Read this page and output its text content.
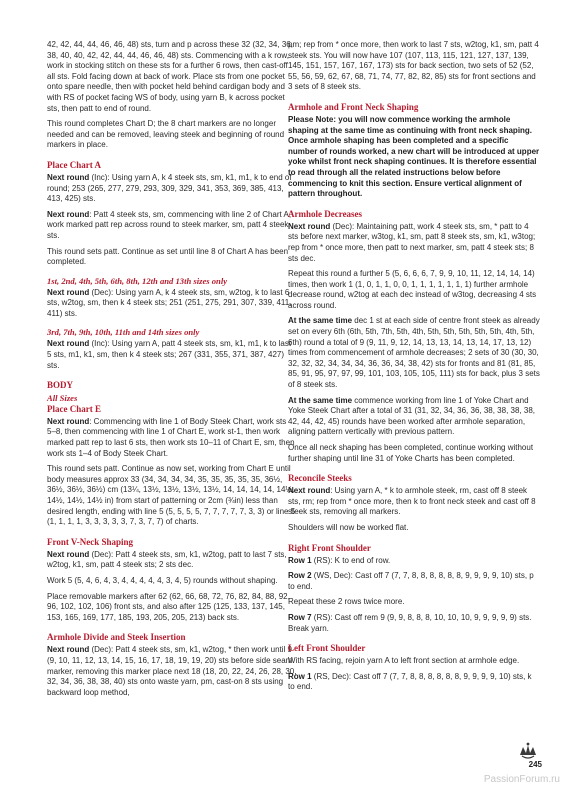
42, 42, 44, 44, 46, 46, 48) sts, turn and p across these 32 (32, 34, 36, 38, 40, 40, 42, 42, 44, 44, 46, 46, 48) sts. Commencing with a k row, work in stocking stitch on these sts for a further 6 rows, then cast-off all sts. Fold facing down at back of work. Place sts from one pocket onto spare needle, then with pocket held behind cardigan body and with RS of pocket facing WS of body, using yarn B, k across pocket sts, then patt to end of round.

This round completes Chart D; the 8 chart markers are no longer needed and can be removed, leaving steek and beginning of round markers in place.

Place Chart A

Next round (Inc): Using yarn A, k 4 steek sts, sm, k1, m1, k to end of round; 253 (265, 277, 279, 293, 309, 329, 341, 353, 369, 385, 413, 413, 425) sts.

Next round: Patt 4 steek sts, sm, commencing with line 2 of Chart A, work marked patt rep across round to steek marker, sm, patt 4 steek sts.

This round sets patt. Continue as set until line 8 of Chart A has been completed.

1st, 2nd, 4th, 5th, 6th, 8th, 12th and 13th sizes only

Next round (Dec): Using yarn A, k 4 steek sts, sm, w2tog, k to last 6 sts, w2tog, sm, then k 4 steek sts; 251 (251, 275, 291, 307, 339, 411, 411) sts.

3rd, 7th, 9th, 10th, 11th and 14th sizes only

Next round (Inc): Using yarn A, patt 4 steek sts, sm, k1, m1, k to last 5 sts, m1, k1, sm, then k 4 steek sts; 267 (331, 355, 371, 387, 427) sts.

BODY
All Sizes
Place Chart E

Next round: Commencing with line 1 of Body Steek Chart, work sts 5–8, then commencing with line 1 of Chart E, work st-1, then work marked patt rep to last 6 sts, then work sts 10–11 of Chart E, sm, then work sts 1–4 of Body Steek Chart.

This round sets patt. Continue as now set, working from Chart E until body measures approx 33 (34, 34, 34, 34, 35, 35, 35, 35, 35, 36½, 36½, 36½, 36½) cm (13¼, 13½, 13½, 13½, 13½, 14, 14, 14, 14, 14½, 14½, 14½, 14½ in) from start of patterning or 2cm (¾in) less than desired length, ending with line 5 (5, 5, 5, 5, 7, 7, 7, 7, 7, 3, 3) or line 5 (1, 1, 1, 1, 3, 3, 3, 3, 3, 7, 3, 7, 7) of charts.

Front V-Neck Shaping

Next round (Dec): Patt 4 steek sts, sm, k1, w2tog, patt to last 7 sts, w2tog, k1, sm, patt 4 steek sts; 2 sts dec.

Work 5 (5, 4, 6, 4, 3, 4, 4, 4, 4, 4, 3, 4, 5) rounds without shaping.

Place removable markers after 62 (62, 66, 68, 72, 76, 82, 84, 88, 92, 96, 102, 102, 106) front sts, and also after 125 (125, 133, 137, 145, 153, 165, 169, 177, 185, 193, 205, 205, 213) back sts.

Armhole Divide and Steek Insertion

Next round (Dec): Patt 4 steek sts, sm, k1, w2tog, * then work until 9 (9, 10, 11, 12, 13, 14, 15, 16, 17, 18, 19, 19, 20) sts before side seam marker, removing this marker place next 18 (18, 20, 22, 24, 26, 28, 30, 32, 34, 36, 38, 38, 40) sts onto waste yarn, pm, cast-on 8 sts using backward loop method,

pm; rep from * once more, then work to last 7 sts, w2tog, k1, sm, patt 4 steek sts. You will now have 107 (107, 113, 115, 121, 127, 137, 139, 145, 151, 157, 167, 167, 173) sts for back section, two sets of 52 (52, 55, 56, 59, 62, 67, 68, 71, 74, 77, 82, 82, 85) sts for front sections and 3 sets of 8 steek sts.

Armhole and Front Neck Shaping

Please Note: you will now commence working the armhole shaping at the same time as continuing with front neck shaping. Once armhole shaping has been completed and a specific number of rounds worked, a new chart will be introduced at upper yoke whilst front neck shaping continues. It is therefore essential to read through all the related instructions below before commencing to knit this section. Ensure vertical alignment of pattern throughout.

Armhole Decreases

Next round (Dec): Maintaining patt, work 4 steek sts, sm, * patt to 4 sts before next marker, w3tog, k1, sm, patt 8 steek sts, sm, k1, w3tog; rep from * once more, then patt to next marker, sm, patt 4 steek sts; 8 sts dec.

Repeat this round a further 5 (5, 6, 6, 6, 7, 9, 9, 10, 11, 12, 14, 14, 14) times, then work 1 (1, 0, 1, 1, 0, 0, 1, 1, 1, 1, 1, 1, 1) further armhole decrease round, w2tog at each dec instead of w3tog, decreasing 4 sts across round.

At the same time dec 1 st at each side of centre front steek as already set on every 6th (6th, 5th, 7th, 5th, 4th, 5th, 5th, 5th, 5th, 5th, 4th, 5th, 6th) round a total of 9 (9, 11, 9, 12, 14, 13, 13, 14, 13, 14, 17, 13, 12) times from commencement of armhole decreases; 2 sets of 30 (30, 30, 32, 32, 32, 34, 34, 34, 36, 36, 34, 38, 42) sts for fronts and 81 (81, 85, 85, 91, 95, 97, 97, 99, 101, 103, 105, 105, 111) sts for back, plus 3 sets of 8 steek sts.

At the same time commence working from line 1 of Yoke Chart and Yoke Steek Chart after a total of 31 (31, 32, 34, 36, 36, 38, 38, 38, 38, 42, 44, 42, 45) rounds have been worked after armhole separation, aligning pattern vertically with previous pattern.

Once all neck shaping has been completed, continue working without further shaping until line 31 of Yoke Charts has been completed.

Reconcile Steeks

Next round: Using yarn A, * k to armhole steek, rm, cast off 8 steek sts, rm; rep from * once more, then k to front neck steek and cast off 8 steek sts, removing all markers.

Shoulders will now be worked flat.

Right Front Shoulder

Row 1 (RS): K to end of row.

Row 2 (WS, Dec): Cast off 7 (7, 7, 8, 8, 8, 8, 8, 8, 9, 9, 9, 9, 10) sts, p to end.

Repeat these 2 rows twice more.

Row 7 (RS): Cast off rem 9 (9, 9, 8, 8, 8, 10, 10, 10, 9, 9, 9, 9, 9) sts. Break yarn.

Left Front Shoulder

With RS facing, rejoin yarn A to left front section at armhole edge.

Row 1 (RS, Dec): Cast off 7 (7, 7, 8, 8, 8, 8, 8, 8, 9, 9, 9, 9, 10) sts, k to end.

245
PassionForum.ru
